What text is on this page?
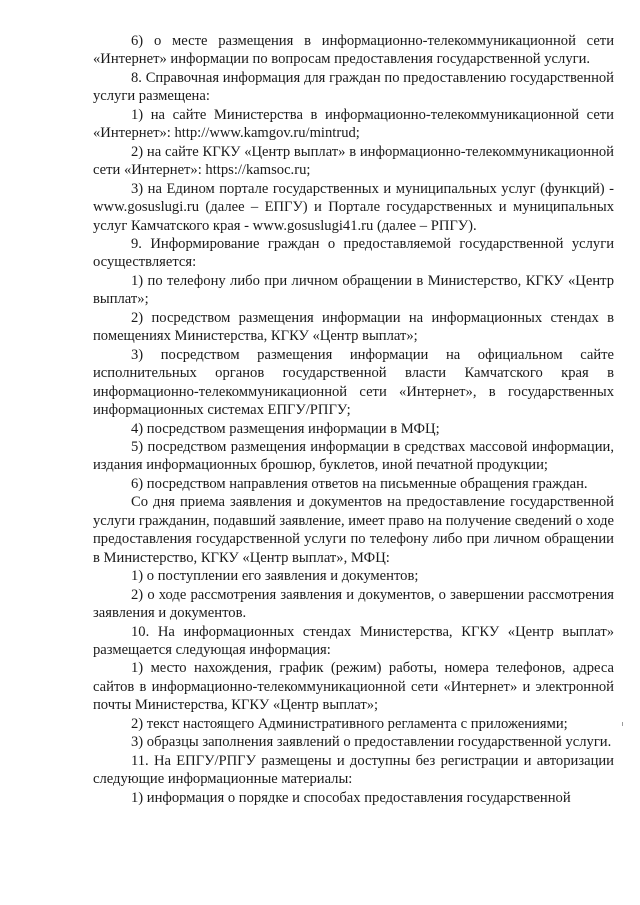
6) о месте размещения в информационно-телекоммуникационной сети «Интернет» информации по вопросам предоставления государственной услуги.

8. Справочная информация для граждан по предоставлению государственной услуги размещена:

1) на сайте Министерства в информационно-телекоммуникационной сети «Интернет»: http://www.kamgov.ru/mintrud;

2) на сайте КГКУ «Центр выплат» в информационно-телекоммуникационной сети «Интернет»: https://kamsoc.ru;

3) на Едином портале государственных и муниципальных услуг (функций) - www.gosuslugi.ru (далее – ЕПГУ) и Портале государственных и муниципальных услуг Камчатского края - www.gosuslugi41.ru (далее – РПГУ).

9. Информирование граждан о предоставляемой государственной услуги осуществляется:

1) по телефону либо при личном обращении в Министерство, КГКУ «Центр выплат»;

2) посредством размещения информации на информационных стендах в помещениях Министерства, КГКУ «Центр выплат»;

3) посредством размещения информации на официальном сайте исполнительных органов государственной власти Камчатского края в информационно-телекоммуникационной сети «Интернет», в государственных информационных системах ЕПГУ/РПГУ;

4) посредством размещения информации в МФЦ;

5) посредством размещения информации в средствах массовой информации, издания информационных брошюр, буклетов, иной печатной продукции;

6) посредством направления ответов на письменные обращения граждан.

Со дня приема заявления и документов на предоставление государственной услуги гражданин, подавший заявление, имеет право на получение сведений о ходе предоставления государственной услуги по телефону либо при личном обращении в Министерство, КГКУ «Центр выплат», МФЦ:

1) о поступлении его заявления и документов;

2) о ходе рассмотрения заявления и документов, о завершении рассмотрения заявления и документов.

10. На информационных стендах Министерства, КГКУ «Центр выплат» размещается следующая информация:

1) место нахождения, график (режим) работы, номера телефонов, адреса сайтов в информационно-телекоммуникационной сети «Интернет» и электронной почты Министерства, КГКУ «Центр выплат»;

2) текст настоящего Административного регламента с приложениями;

3) образцы заполнения заявлений о предоставлении государственной услуги.

11. На ЕПГУ/РПГУ размещены и доступны без регистрации и авторизации следующие информационные материалы:

1) информация о порядке и способах предоставления государственной
